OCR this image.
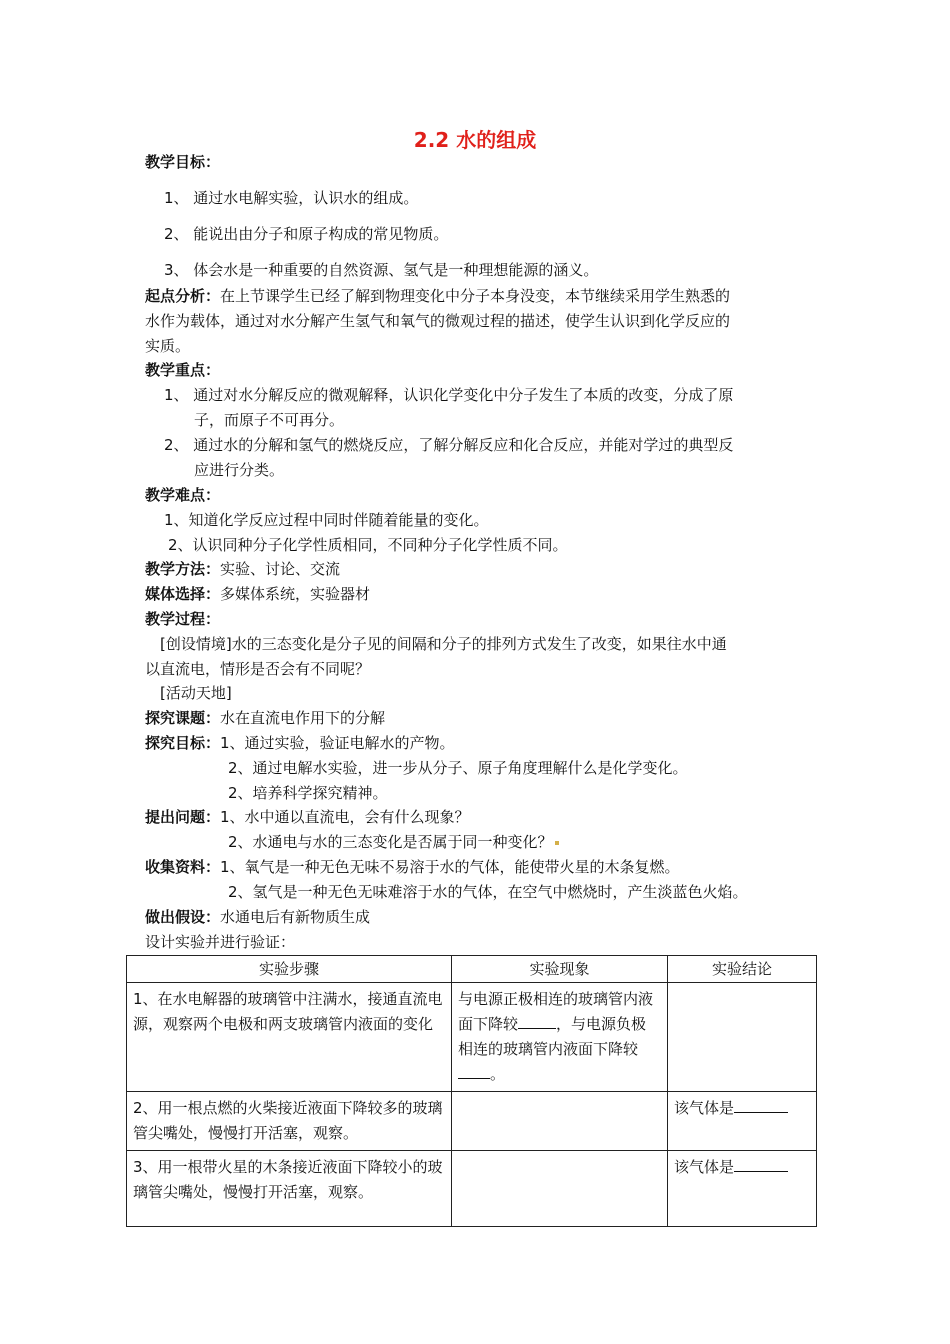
2.2 水的组成
教学目标：
1、 通过水电解实验，认识水的组成。
2、 能说出由分子和原子构成的常见物质。
3、 体会水是一种重要的自然资源、氢气是一种理想能源的涵义。
起点分析：在上节课学生已经了解到物理变化中分子本身没变，本节继续采用学生熟悉的
水作为载体，通过对水分解产生氢气和氧气的微观过程的描述，使学生认识到化学反应的
实质。
教学重点：
1、 通过对水分解反应的微观解释，认识化学变化中分子发生了本质的改变，分成了原
子，而原子不可再分。
2、 通过水的分解和氢气的燃烧反应，了解分解反应和化合反应，并能对学过的典型反
应进行分类。
教学难点：
1、知道化学反应过程中同时伴随着能量的变化。
2、认识同种分子化学性质相同，不同种分子化学性质不同。
教学方法：实验、讨论、交流
媒体选择：多媒体系统，实验器材
教学过程：
[创设情境]水的三态变化是分子见的间隔和分子的排列方式发生了改变，如果往水中通
以直流电，情形是否会有不同呢？
[活动天地]
探究课题：水在直流电作用下的分解
探究目标：1、通过实验，验证电解水的产物。
2、通过电解水实验，进一步从分子、原子角度理解什么是化学变化。
2、培养科学探究精神。
提出问题：1、水中通以直流电，会有什么现象？
2、水通电与水的三态变化是否属于同一种变化？
收集资料：1、氧气是一种无色无味不易溶于水的气体，能使带火星的木条复燃。
2、氢气是一种无色无味难溶于水的气体，在空气中燃烧时，产生淡蓝色火焰。
做出假设：水通电后有新物质生成
设计实验并进行验证：
实验步骤	实验现象	实验结论
1、在水电解器的玻璃管中注满水，接通直流电源，观察两个电极和两支玻璃管内液面的变化	与电源正极相连的玻璃管内液面下降较 ，与电源负极相连的玻璃管内液面下降较。	
2、用一根点燃的火柴接近液面下降较多的玻璃管尖嘴处，慢慢打开活塞，观察。		该气体是
3、用一根带火星的木条接近液面下降较小的玻璃管尖嘴处，慢慢打开活塞，观察。		该气体是
